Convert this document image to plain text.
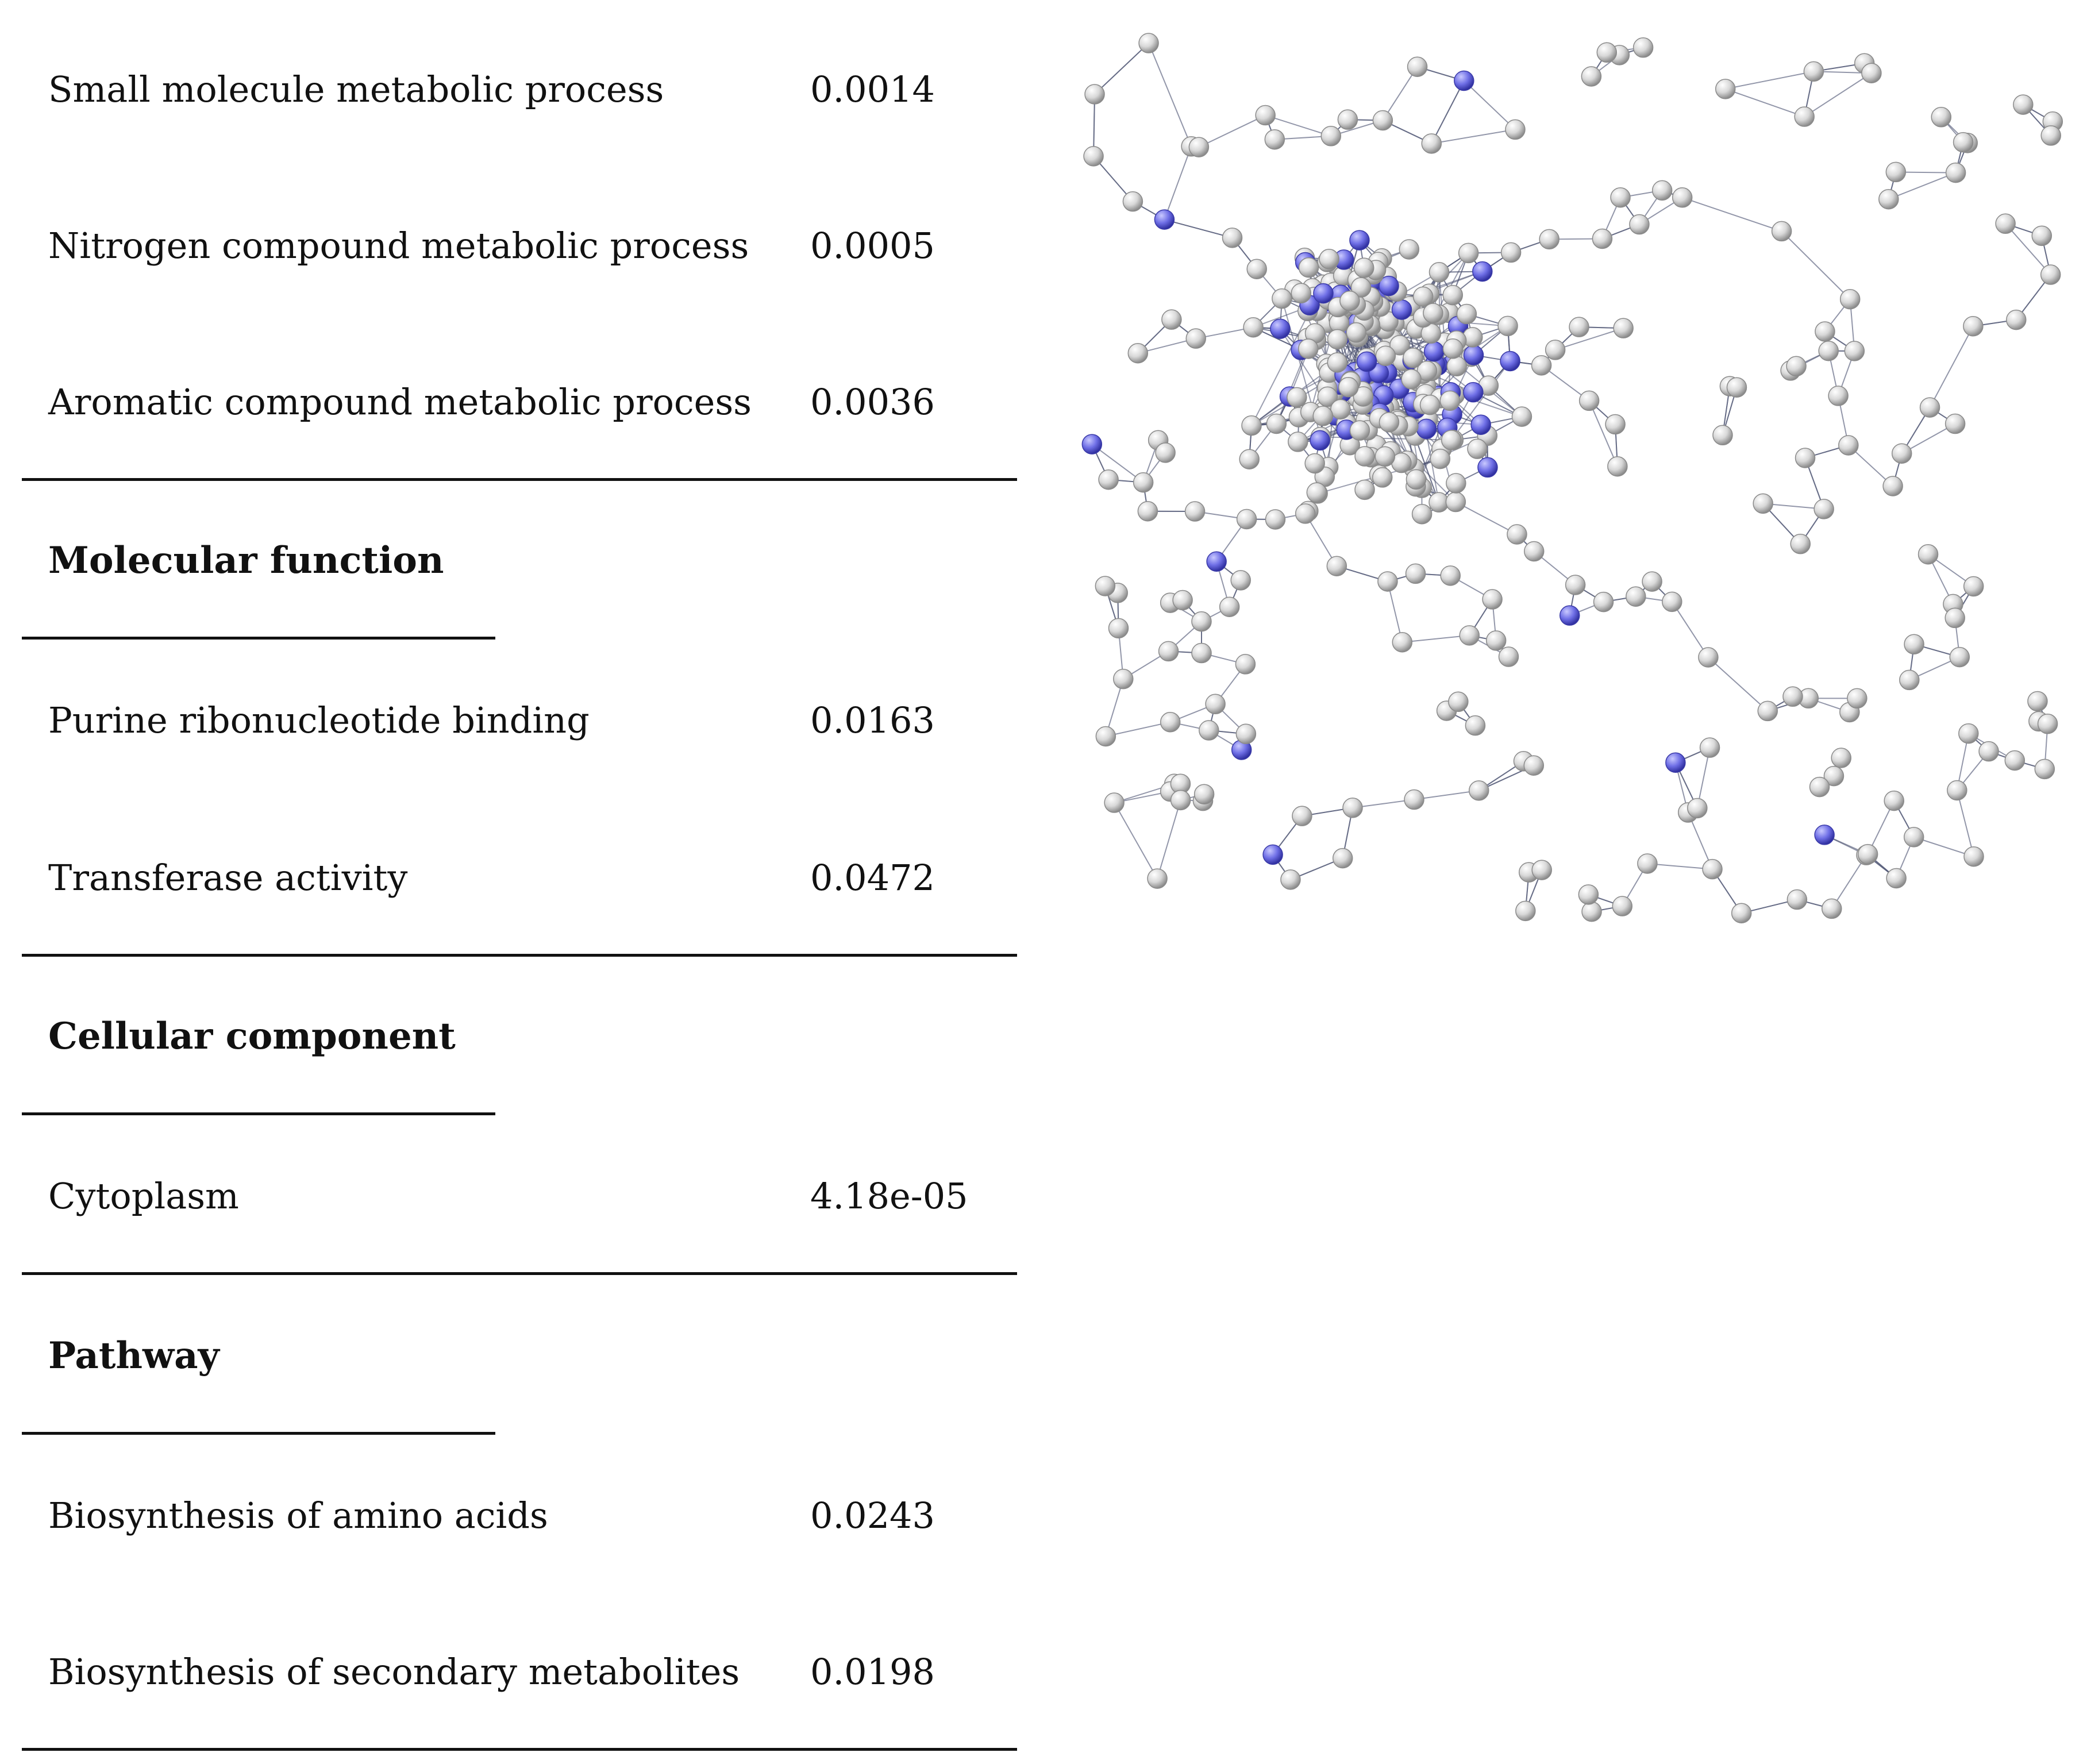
Small molecule metabolic process	0.0014
Nitrogen compound metabolic process 0.0005
Aromatic compound metabolic process 0.0036
Molecular function
Purine ribonucleotide binding	0.0163
Transferase activity	0.0472
Cellular component
Cytoplasm	4.18e-05
Pathway
Biosynthesis of amino acids	0.0243
Biosynthesis of secondary metabolites 0.0198
